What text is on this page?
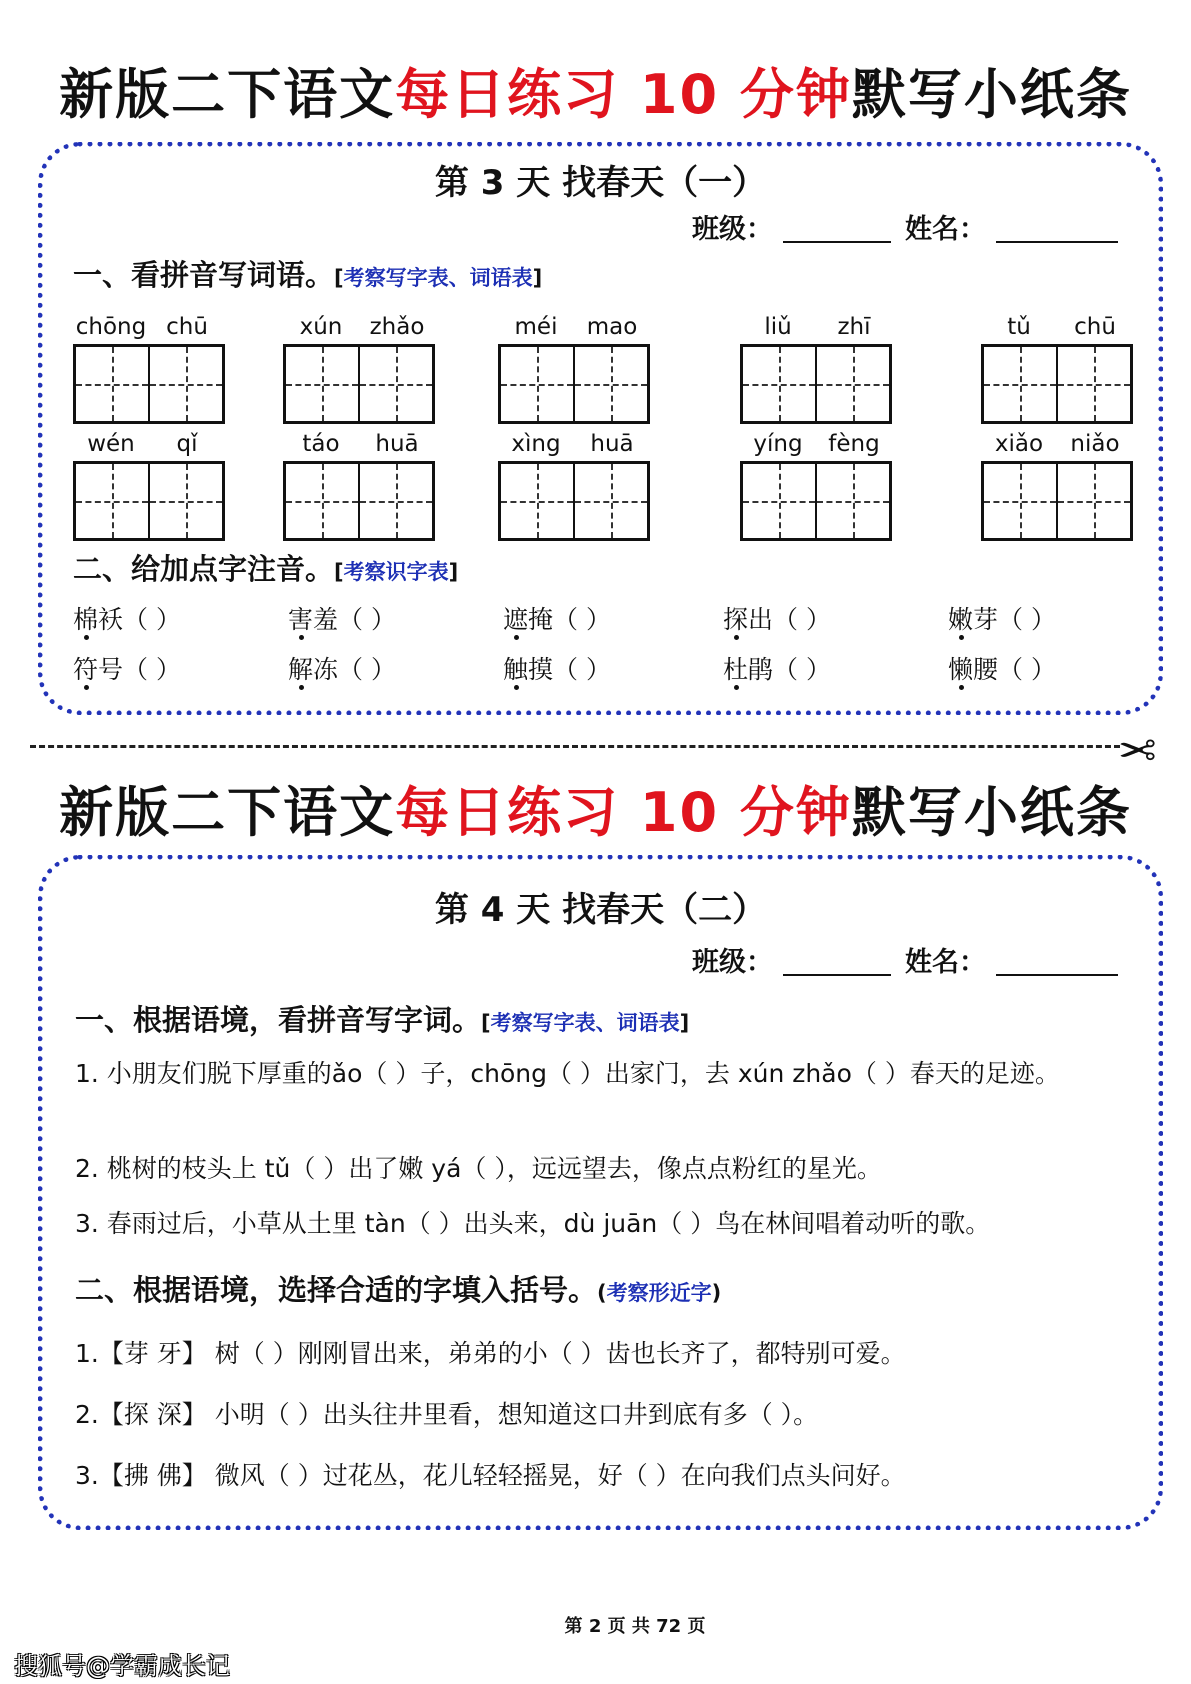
新版二下语文每日练习 10 分钟默写小纸条
第 3 天 找春天（一）
班级：	姓名：
一、看拼音写词语。[考察写字表、词语表]
chōng chū	xún zhǎo	méi mao	liǔ zhī	tǔ chū
wén qǐ	táo huā	xìng huā	yíng fèng	xiǎo niǎo
二、给加点字注音。[考察识字表]
棉袄（ ）	害羞（ ）	遮掩（ ）	探出（ ）	嫩芽（ ）
符号（ ）	解冻（ ）	触摸（ ）	杜鹃（ ）	懒腰（ ）
✂
新版二下语文每日练习 10 分钟默写小纸条
第 4 天 找春天（二）
班级：	姓名：
一、根据语境，看拼音写字词。[考察写字表、词语表]
1. 小朋友们脱下厚重的ǎo（ ）子，chōng（ ）出家门，去 xún zhǎo（ ）春天的足迹。
2. 桃树的枝头上 tǔ（ ）出了嫩 yá（ ），远远望去，像点点粉红的星光。
3. 春雨过后，小草从土里 tàn（ ）出头来，dù juān（ ）鸟在林间唱着动听的歌。
二、根据语境，选择合适的字填入括号。(考察形近字)
1.【芽 牙】 树（ ）刚刚冒出来，弟弟的小（ ）齿也长齐了，都特别可爱。
2.【探 深】 小明（ ）出头往井里看，想知道这口井到底有多（ ）。
3.【拂 佛】 微风（ ）过花丛，花儿轻轻摇晃，好（ ）在向我们点头问好。
第 2 页 共 72 页
搜狐号@学霸成长记
